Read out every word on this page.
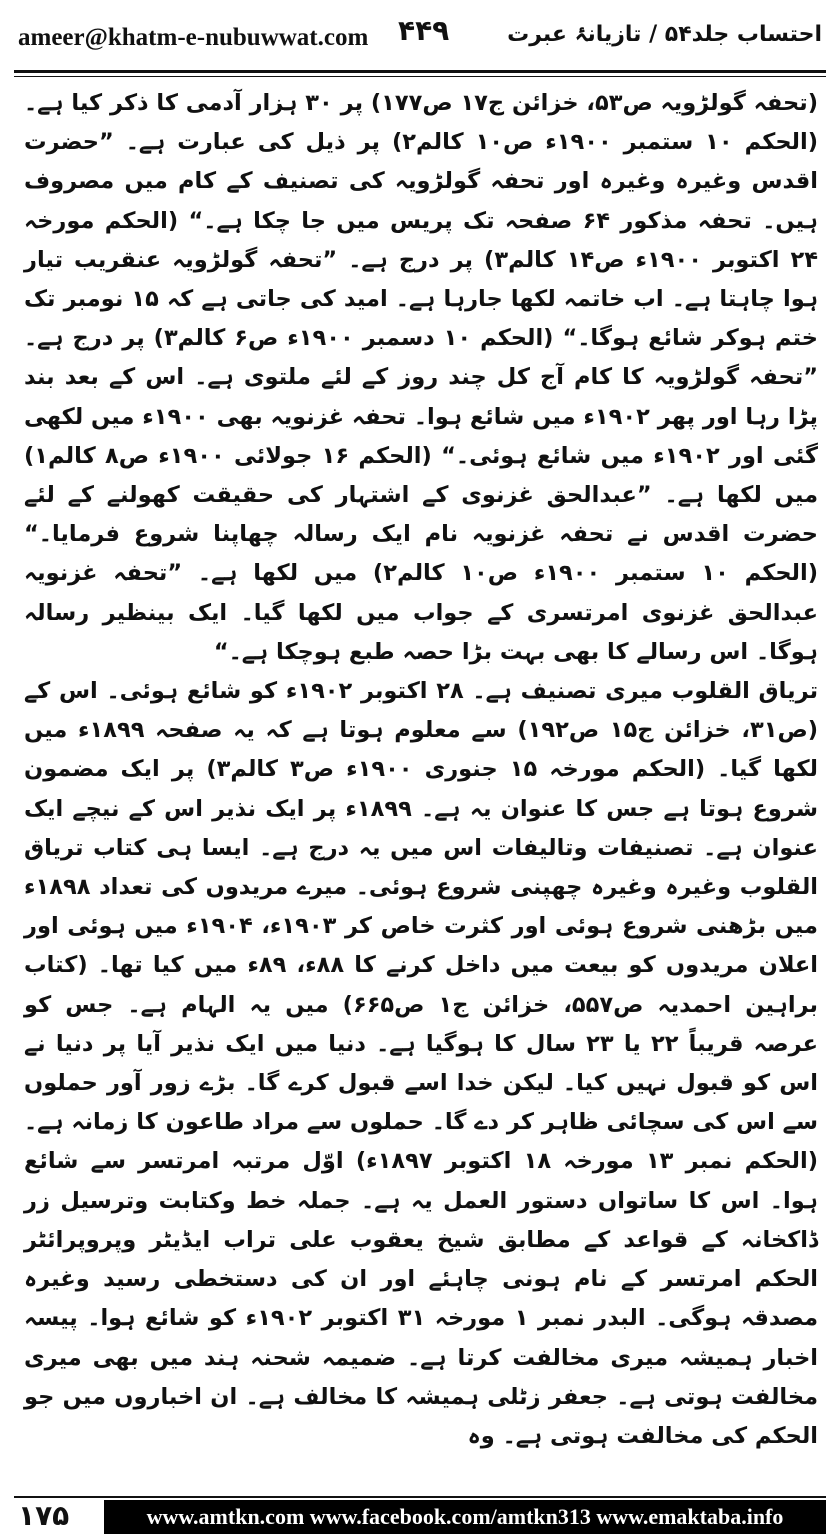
ameer@khatm-e-nubuwwat.com ۴۴۹	احتساب جلد۵۴ / تازیانۂ عبرت

(تحفہ گولڑویہ ص۵۳، خزائن ج۱۷ ص۱۷۷) پر ۳۰ ہزار آدمی کا ذکر کیا ہے۔ (الحکم ۱۰ ستمبر ۱۹۰۰ء ص۱۰ کالم۲) پر ذیل کی عبارت ہے۔ ”حضرت اقدس وغیرہ وغیرہ اور تحفہ گولڑویہ کی تصنیف کے کام میں مصروف ہیں۔ تحفہ مذکور ۶۴ صفحہ تک پریس میں جا چکا ہے۔“ (الحکم مورخہ ۲۴ اکتوبر ۱۹۰۰ء ص۱۴ کالم۳) پر درج ہے۔ ”تحفہ گولڑویہ عنقریب تیار ہوا چاہتا ہے۔ اب خاتمہ لکھا جارہا ہے۔ امید کی جاتی ہے کہ ۱۵ نومبر تک ختم ہوکر شائع ہوگا۔“ (الحکم ۱۰ دسمبر ۱۹۰۰ء ص۶ کالم۳) پر درج ہے۔ ”تحفہ گولڑویہ کا کام آج کل چند روز کے لئے ملتوی ہے۔ اس کے بعد بند پڑا رہا اور پھر ۱۹۰۲ء میں شائع ہوا۔ تحفہ غزنویہ بھی ۱۹۰۰ء میں لکھی گئی اور ۱۹۰۲ء میں شائع ہوئی۔“ (الحکم ۱۶ جولائی ۱۹۰۰ء ص۸ کالم۱) میں لکھا ہے۔ ”عبدالحق غزنوی کے اشتہار کی حقیقت کھولنے کے لئے حضرت اقدس نے تحفہ غزنویہ نام ایک رسالہ چھاپنا شروع فرمایا۔“ (الحکم ۱۰ ستمبر ۱۹۰۰ء ص۱۰ کالم۲) میں لکھا ہے۔ ”تحفہ غزنویہ عبدالحق غزنوی امرتسری کے جواب میں لکھا گیا۔ ایک بینظیر رسالہ ہوگا۔ اس رسالے کا بھی بہت بڑا حصہ طبع ہوچکا ہے۔“

تریاق القلوب میری تصنیف ہے۔ ۲۸ اکتوبر ۱۹۰۲ء کو شائع ہوئی۔ اس کے (ص۳۱، خزائن ج۱۵ ص۱۹۲) سے معلوم ہوتا ہے کہ یہ صفحہ ۱۸۹۹ء میں لکھا گیا۔ (الحکم مورخہ ۱۵ جنوری ۱۹۰۰ء ص۳ کالم۳) پر ایک مضمون شروع ہوتا ہے جس کا عنوان یہ ہے۔ ۱۸۹۹ء پر ایک نذیر اس کے نیچے ایک عنوان ہے۔ تصنیفات وتالیفات اس میں یہ درج ہے۔ ایسا ہی کتاب تریاق القلوب وغیرہ وغیرہ چھپنی شروع ہوئی۔ میرے مریدوں کی تعداد ۱۸۹۸ء میں بڑھنی شروع ہوئی اور کثرت خاص کر ۱۹۰۳ء، ۱۹۰۴ء میں ہوئی اور اعلان مریدوں کو بیعت میں داخل کرنے کا ۸۸ء، ۸۹ء میں کیا تھا۔ (کتاب براہین احمدیہ ص۵۵۷، خزائن ج۱ ص۶۶۵) میں یہ الہام ہے۔ جس کو عرصہ قریباً ۲۲ یا ۲۳ سال کا ہوگیا ہے۔ دنیا میں ایک نذیر آیا پر دنیا نے اس کو قبول نہیں کیا۔ لیکن خدا اسے قبول کرے گا۔ بڑے زور آور حملوں سے اس کی سچائی ظاہر کر دے گا۔ حملوں سے مراد طاعون کا زمانہ ہے۔ (الحکم نمبر ۱۳ مورخہ ۱۸ اکتوبر ۱۸۹۷ء) اوّل مرتبہ امرتسر سے شائع ہوا۔ اس کا ساتواں دستور العمل یہ ہے۔ جملہ خط وکتابت وترسیل زر ڈاکخانہ کے قواعد کے مطابق شیخ یعقوب علی تراب ایڈیٹر وپروپرائٹر الحکم امرتسر کے نام ہونی چاہئے اور ان کی دستخطی رسید وغیرہ مصدقہ ہوگی۔ البدر نمبر ۱ مورخہ ۳۱ اکتوبر ۱۹۰۲ء کو شائع ہوا۔ پیسہ اخبار ہمیشہ میری مخالفت کرتا ہے۔ ضمیمہ شحنہ ہند میں بھی میری مخالفت ہوتی ہے۔ جعفر زٹلی ہمیشہ کا مخالف ہے۔ ان اخباروں میں جو الحکم کی مخالفت ہوتی ہے۔ وہ

۱۷۵	www.amtkn.com www.facebook.com/amtkn313 www.emaktaba.info
